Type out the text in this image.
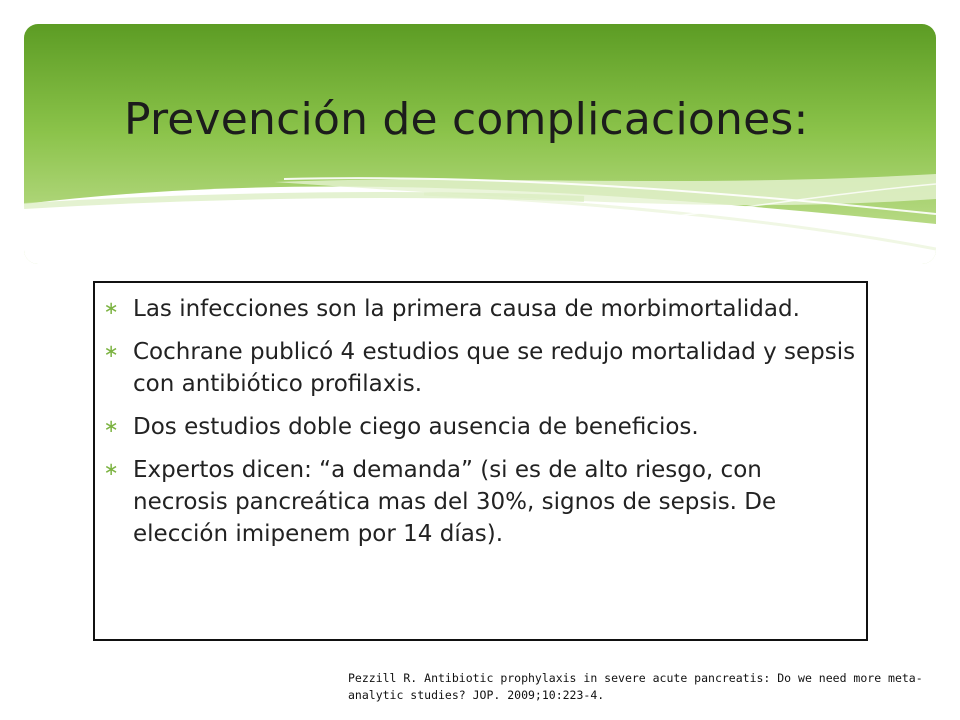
Prevención de complicaciones:
∗ Las infecciones son la primera causa de morbimortalidad.
∗ Cochrane publicó 4 estudios que se redujo mortalidad y sepsis con antibiótico profilaxis.
∗ Dos estudios doble ciego ausencia de beneficios.
∗ Expertos dicen: “a demanda” (si es de alto riesgo, con necrosis pancreática mas del 30%, signos de sepsis. De elección imipenem por 14 días).
Pezzill R. Antibiotic prophylaxis in severe acute pancreatis: Do we need more meta-analytic studies? JOP. 2009;10:223-4.
